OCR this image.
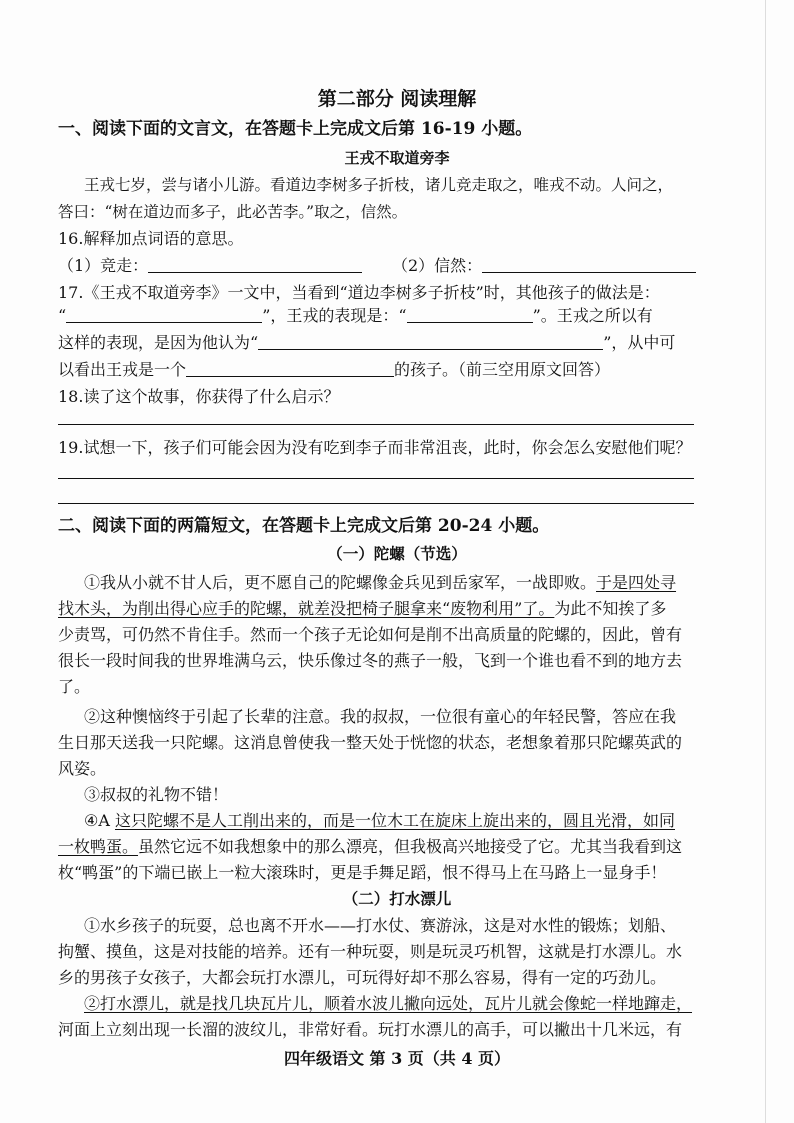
第二部分 阅读理解
一、阅读下面的文言文，在答题卡上完成文后第 16-19 小题。
王戎不取道旁李
王戎七岁，尝与诸小儿游。看道边李树多子折枝，诸儿竞走取之，唯戎不动。人问之，
答曰：“树在道边而多子，此必苦李。”取之，信然。
16.解释加点词语的意思。
（1）竞走：	（2）信然：
17.《王戎不取道旁李》一文中，当看到“道边李树多子折枝”时，其他孩子的做法是：
“	”，王戎的表现是：“	”。王戎之所以有
这样的表现，是因为他认为“	”，从中可
以看出王戎是一个	的孩子。（前三空用原文回答）
18.读了这个故事，你获得了什么启示？
19.试想一下，孩子们可能会因为没有吃到李子而非常沮丧，此时，你会怎么安慰他们呢？
二、阅读下面的两篇短文，在答题卡上完成文后第 20-24 小题。
（一）陀螺（节选）
①我从小就不甘人后，更不愿自己的陀螺像金兵见到岳家军，一战即败。于是四处寻
找木头，为削出得心应手的陀螺，就差没把椅子腿拿来“废物利用”了。为此不知挨了多
少责骂，可仍然不肯住手。然而一个孩子无论如何是削不出高质量的陀螺的，因此，曾有
很长一段时间我的世界堆满乌云，快乐像过冬的燕子一般，飞到一个谁也看不到的地方去
了。
②这种懊恼终于引起了长辈的注意。我的叔叔，一位很有童心的年轻民警，答应在我
生日那天送我一只陀螺。这消息曾使我一整天处于恍惚的状态，老想象着那只陀螺英武的
风姿。
③叔叔的礼物不错！
④A 这只陀螺不是人工削出来的，而是一位木工在旋床上旋出来的，圆且光滑，如同
一枚鸭蛋。虽然它远不如我想象中的那么漂亮，但我极高兴地接受了它。尤其当我看到这
枚“鸭蛋”的下端已嵌上一粒大滚珠时，更是手舞足蹈，恨不得马上在马路上一显身手！
（二）打水漂儿
①水乡孩子的玩耍，总也离不开水——打水仗、赛游泳，这是对水性的锻炼；划船、
拘蟹、摸鱼，这是对技能的培养。还有一种玩耍，则是玩灵巧机智，这就是打水漂儿。水
乡的男孩子女孩子，大都会玩打水漂儿，可玩得好却不那么容易，得有一定的巧劲儿。
②打水漂儿，就是找几块瓦片儿，顺着水波儿撇向远处，瓦片儿就会像蛇一样地蹿走，
河面上立刻出现一长溜的波纹儿，非常好看。玩打水漂儿的高手，可以撇出十几米远，有
四年级语文 第 3 页（共 4 页）
